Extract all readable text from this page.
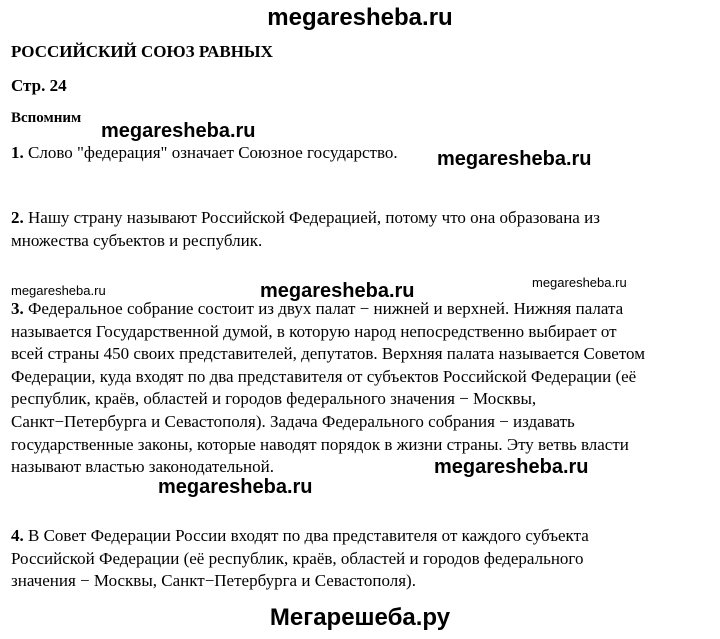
megaresheba.ru
РОССИЙСКИЙ СОЮЗ РАВНЫХ
Стр. 24
Вспомним
1. Слово "федерация" означает Союзное государство.
2. Нашу страну называют Российской Федерацией, потому что она образована из
множества субъектов и республик.
3. Федеральное собрание состоит из двух палат − нижней и верхней. Нижняя палата
называется Государственной думой, в которую народ непосредственно выбирает от
всей страны 450 своих представителей, депутатов. Верхняя палата называется Советом
Федерации, куда входят по два представителя от субъектов Российской Федерации (её
республик, краёв, областей и городов федерального значения − Москвы,
Санкт−Петербурга и Севастополя). Задача Федерального собрания − издавать
государственные законы, которые наводят порядок в жизни страны. Эту ветвь власти
называют властью законодательной.
4. В Совет Федерации России входят по два представителя от каждого субъекта
Российской Федерации (её республик, краёв, областей и городов федерального
значения − Москвы, Санкт−Петербурга и Севастополя).
megaresheba.ru
megaresheba.ru
megaresheba.ru	megaresheba.ru	megaresheba.ru
megaresheba.ru
megaresheba.ru
Мегарешеба.ру
